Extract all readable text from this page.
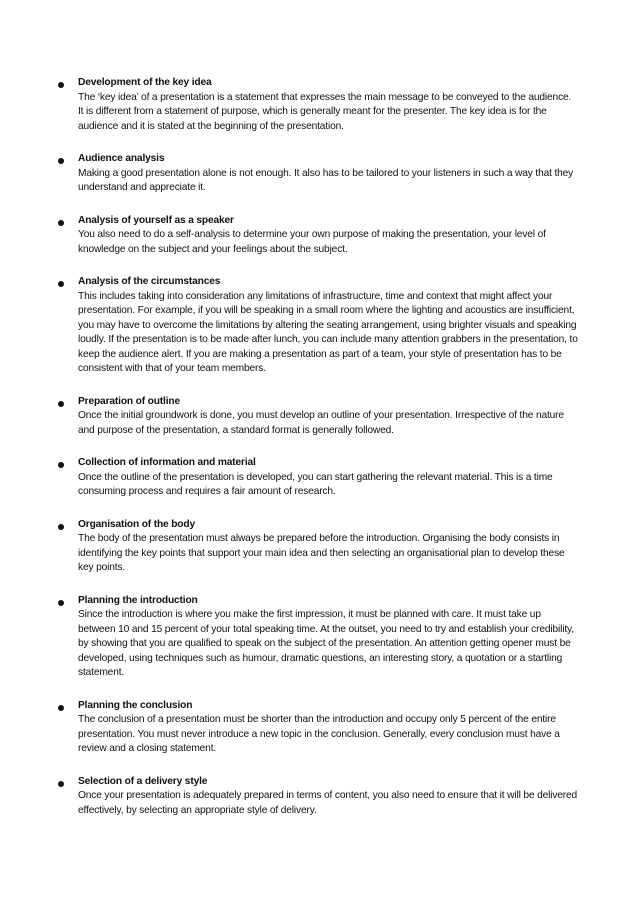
Development of the key idea
The ‘key idea’ of a presentation is a statement that expresses the main message to be conveyed to the audience. It is different from a statement of purpose, which is generally meant for the presenter. The key idea is for the audience and it is stated at the beginning of the presentation.
Audience analysis
Making a good presentation alone is not enough. It also has to be tailored to your listeners in such a way that they understand and appreciate it.
Analysis of yourself as a speaker
You also need to do a self-analysis to determine your own purpose of making the presentation, your level of knowledge on the subject and your feelings about the subject.
Analysis of the circumstances
This includes taking into consideration any limitations of infrastructure, time and context that might affect your presentation. For example, if you will be speaking in a small room where the lighting and acoustics are insufficient, you may have to overcome the limitations by altering the seating arrangement, using brighter visuals and speaking loudly. If the presentation is to be made after lunch, you can include many attention grabbers in the presentation, to keep the audience alert. If you are making a presentation as part of a team, your style of presentation has to be consistent with that of your team members.
Preparation of outline
Once the initial groundwork is done, you must develop an outline of your presentation. Irrespective of the nature and purpose of the presentation, a standard format is generally followed.
Collection of information and material
Once the outline of the presentation is developed, you can start gathering the relevant material. This is a time consuming process and requires a fair amount of research.
Organisation of the body
The body of the presentation must always be prepared before the introduction. Organising the body consists in identifying the key points that support your main idea and then selecting an organisational plan to develop these key points.
Planning the introduction
Since the introduction is where you make the first impression, it must be planned with care. It must take up between 10 and 15 percent of your total speaking time. At the outset, you need to try and establish your credibility, by showing that you are qualified to speak on the subject of the presentation. An attention getting opener must be developed, using techniques such as humour, dramatic questions, an interesting story, a quotation or a startling statement.
Planning the conclusion
The conclusion of a presentation must be shorter than the introduction and occupy only 5 percent of the entire presentation. You must never introduce a new topic in the conclusion. Generally, every conclusion must have a review and a closing statement.
Selection of a delivery style
Once your presentation is adequately prepared in terms of content, you also need to ensure that it will be delivered effectively, by selecting an appropriate style of delivery.
